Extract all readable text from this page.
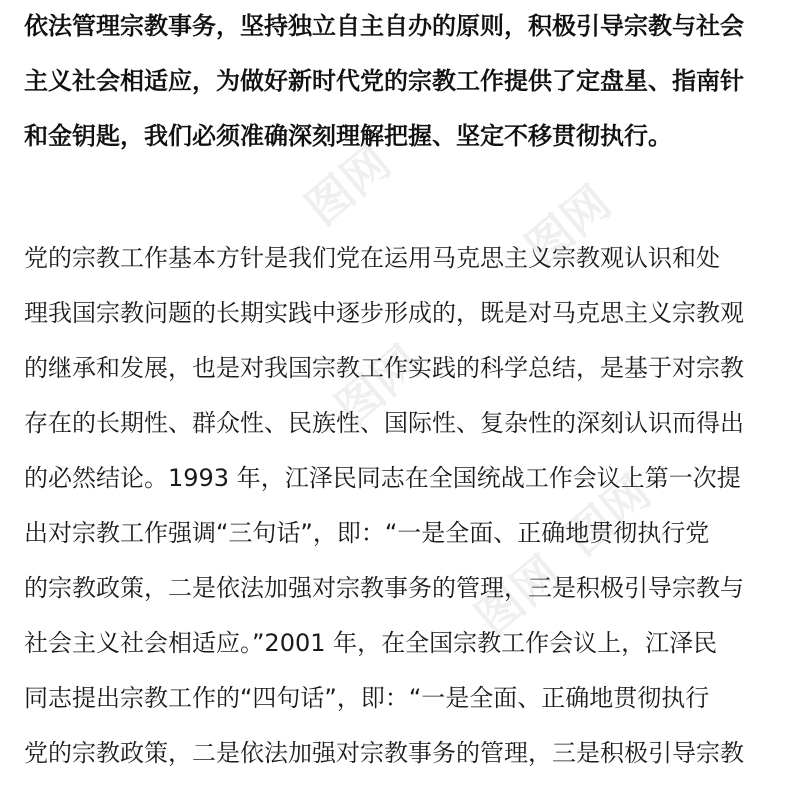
依法管理宗教事务，坚持独立自主自办的原则，积极引导宗教与社会
主义社会相适应，为做好新时代党的宗教工作提供了定盘星、指南针
和金钥匙，我们必须准确深刻理解把握、坚定不移贯彻执行。
党的宗教工作基本方针是我们党在运用马克思主义宗教观认识和处
理我国宗教问题的长期实践中逐步形成的，既是对马克思主义宗教观
的继承和发展，也是对我国宗教工作实践的科学总结，是基于对宗教
存在的长期性、群众性、民族性、国际性、复杂性的深刻认识而得出
的必然结论。1993 年，江泽民同志在全国统战工作会议上第一次提
出对宗教工作强调“三句话”，即：“一是全面、正确地贯彻执行党
的宗教政策，二是依法加强对宗教事务的管理，三是积极引导宗教与
社会主义社会相适应。”2001 年，在全国宗教工作会议上，江泽民
同志提出宗教工作的“四句话”，即：“一是全面、正确地贯彻执行
党的宗教政策，二是依法加强对宗教事务的管理，三是积极引导宗教
图网 图网
图网
图网
图网
